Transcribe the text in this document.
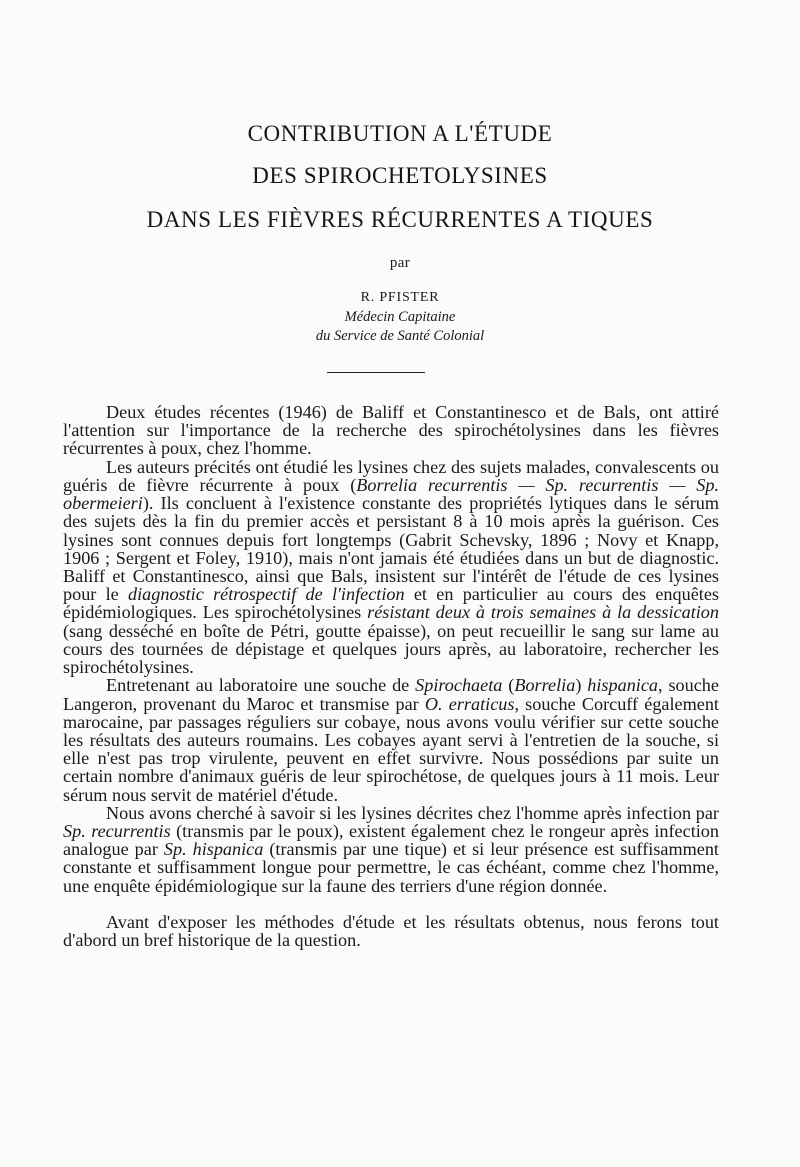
CONTRIBUTION A L'ÉTUDE
DES SPIROCHETOLYSINES
DANS LES FIÈVRES RÉCURRENTES A TIQUES
par
R. PFISTER
Médecin Capitaine
du Service de Santé Colonial

Deux études récentes (1946) de Baliff et Constantinesco et de Bals, ont attiré l'attention sur l'importance de la recherche des spirochétolysines dans les fièvres récurrentes à poux, chez l'homme.

Les auteurs précités ont étudié les lysines chez des sujets malades, convalescents ou guéris de fièvre récurrente à poux (Borrelia recurrentis — Sp. recurrentis — Sp. obermeieri). Ils concluent à l'existence constante des propriétés lytiques dans le sérum des sujets dès la fin du premier accès et persistant 8 à 10 mois après la guérison. Ces lysines sont connues depuis fort longtemps (Gabrit Schevsky, 1896 ; Novy et Knapp, 1906 ; Sergent et Foley, 1910), mais n'ont jamais été étudiées dans un but de diagnostic. Baliff et Constantinesco, ainsi que Bals, insistent sur l'intérêt de l'étude de ces lysines pour le diagnostic rétrospectif de l'infection et en particulier au cours des enquêtes épidémiologiques. Les spirochétolysines résistant deux à trois semaines à la dessication (sang desséché en boîte de Pétri, goutte épaisse), on peut recueillir le sang sur lame au cours des tournées de dépistage et quelques jours après, au laboratoire, rechercher les spirochétolysines.

Entretenant au laboratoire une souche de Spirochaeta (Borrelia) hispanica, souche Langeron, provenant du Maroc et transmise par O. erraticus, souche Corcuff également marocaine, par passages réguliers sur cobaye, nous avons voulu vérifier sur cette souche les résultats des auteurs roumains. Les cobayes ayant servi à l'entretien de la souche, si elle n'est pas trop virulente, peuvent en effet survivre. Nous possédions par suite un certain nombre d'animaux guéris de leur spirochétose, de quelques jours à 11 mois. Leur sérum nous servit de matériel d'étude.

Nous avons cherché à savoir si les lysines décrites chez l'homme après infection par Sp. recurrentis (transmis par le poux), existent également chez le rongeur après infection analogue par Sp. hispanica (transmis par une tique) et si leur présence est suffisamment constante et suffisamment longue pour permettre, le cas échéant, comme chez l'homme, une enquête épidémiologique sur la faune des terriers d'une région donnée.

Avant d'exposer les méthodes d'étude et les résultats obtenus, nous ferons tout d'abord un bref historique de la question.
